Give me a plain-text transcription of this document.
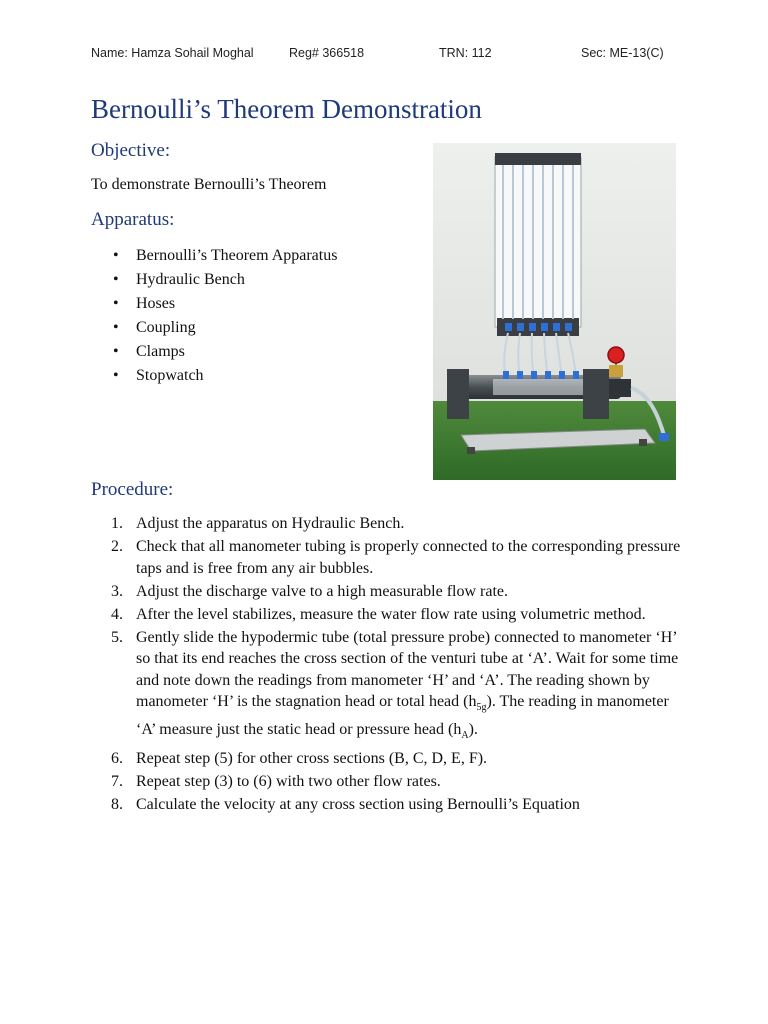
Name: Hamza Sohail Moghal	Reg# 366518	TRN: 112	Sec: ME-13(C)
Bernoulli’s Theorem Demonstration
Objective:
To demonstrate Bernoulli’s Theorem
Apparatus:
• Bernoulli’s Theorem Apparatus
• Hydraulic Bench
• Hoses
• Coupling
• Clamps
• Stopwatch
Procedure:
1. Adjust the apparatus on Hydraulic Bench.
2. Check that all manometer tubing is properly connected to the corresponding pressure taps and is free from any air bubbles.
3. Adjust the discharge valve to a high measurable flow rate.
4. After the level stabilizes, measure the water flow rate using volumetric method.
5. Gently slide the hypodermic tube (total pressure probe) connected to manometer ‘H’ so that its end reaches the cross section of the venturi tube at ‘A’. Wait for some time and note down the readings from manometer ‘H’ and ‘A’. The reading shown by manometer ‘H’ is the stagnation head or total head $(h_{5g})$. The reading in manometer ‘A’ measure just the static head or pressure head $(h_A)$.
6. Repeat step (5) for other cross sections (B, C, D, E, F).
7. Repeat step (3) to (6) with two other flow rates.
8. Calculate the velocity at any cross section using Bernoulli’s Equation
